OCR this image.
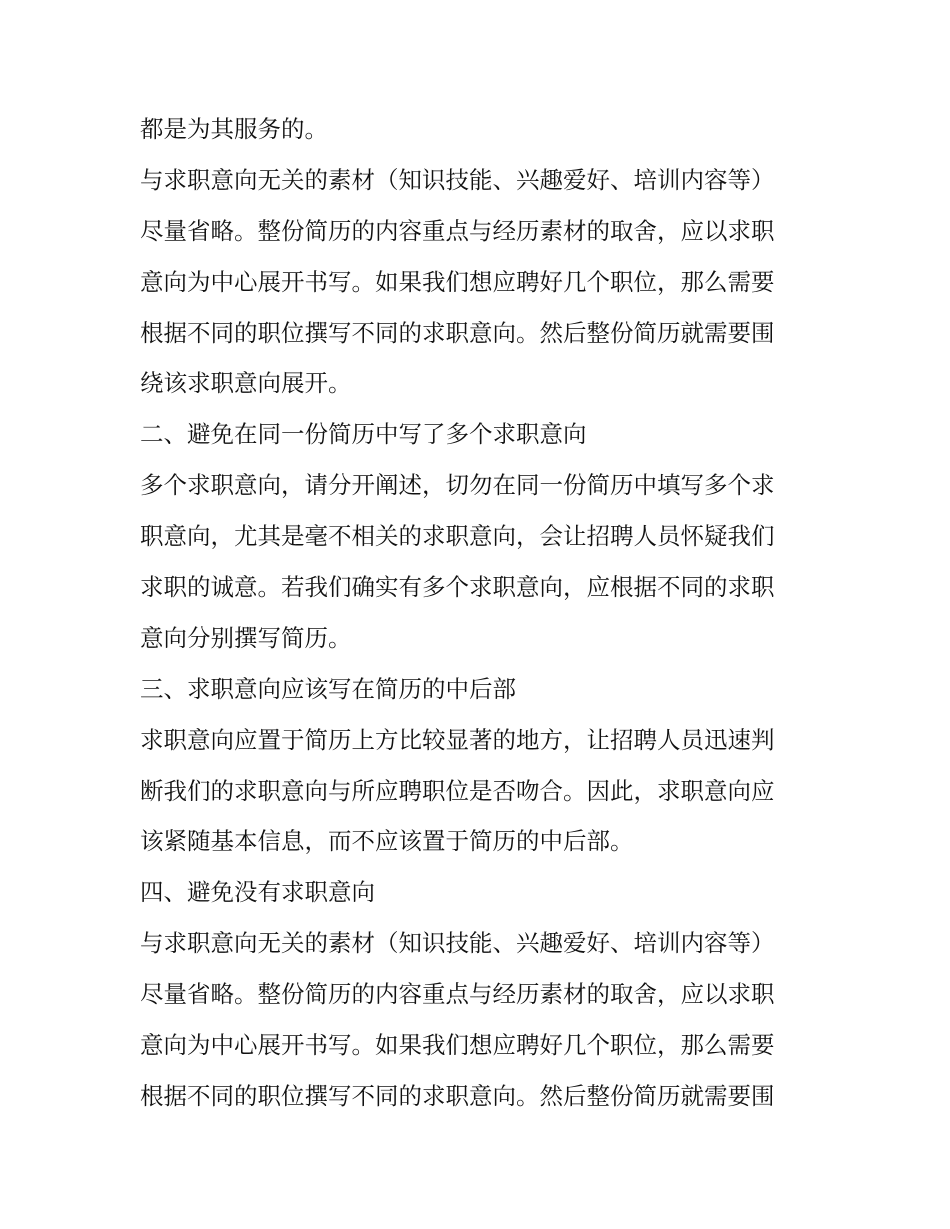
都是为其服务的。
与求职意向无关的素材（知识技能、兴趣爱好、培训内容等）
尽量省略。整份简历的内容重点与经历素材的取舍，应以求职
意向为中心展开书写。如果我们想应聘好几个职位，那么需要
根据不同的职位撰写不同的求职意向。然后整份简历就需要围
绕该求职意向展开。
二、避免在同一份简历中写了多个求职意向
多个求职意向，请分开阐述，切勿在同一份简历中填写多个求
职意向，尤其是毫不相关的求职意向，会让招聘人员怀疑我们
求职的诚意。若我们确实有多个求职意向，应根据不同的求职
意向分别撰写简历。
三、求职意向应该写在简历的中后部
求职意向应置于简历上方比较显著的地方，让招聘人员迅速判
断我们的求职意向与所应聘职位是否吻合。因此，求职意向应
该紧随基本信息，而不应该置于简历的中后部。
四、避免没有求职意向
与求职意向无关的素材（知识技能、兴趣爱好、培训内容等）
尽量省略。整份简历的内容重点与经历素材的取舍，应以求职
意向为中心展开书写。如果我们想应聘好几个职位，那么需要
根据不同的职位撰写不同的求职意向。然后整份简历就需要围
